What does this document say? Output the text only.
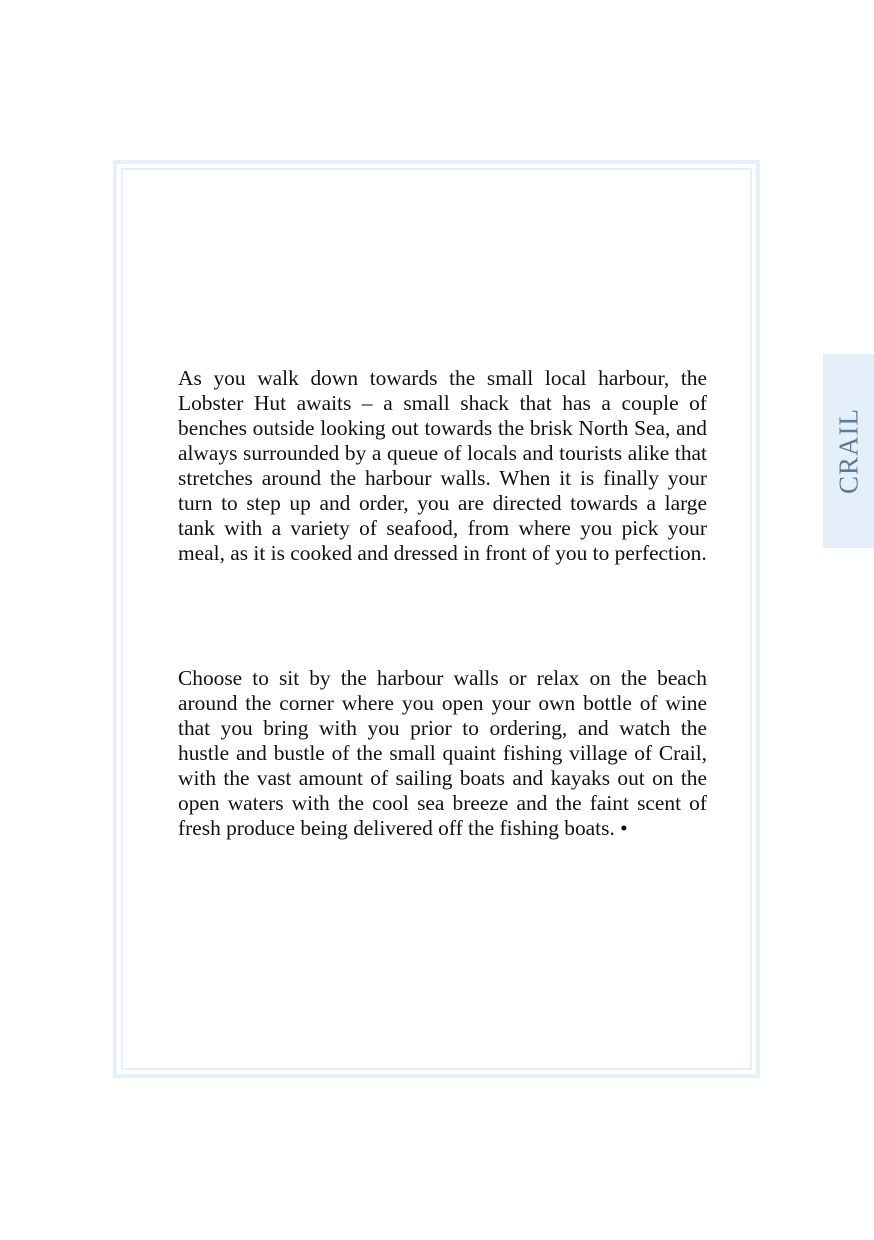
As you walk down towards the small local harbour, the Lobster Hut awaits – a small shack that has a couple of benches outside looking out towards the brisk North Sea, and always surrounded by a queue of locals and tourists alike that stretches around the harbour walls. When it is finally your turn to step up and order, you are directed towards a large tank with a variety of seafood, from where you pick your meal, as it is cooked and dressed in front of you to perfection.

Choose to sit by the harbour walls or relax on the beach around the corner where you open your own bottle of wine that you bring with you prior to ordering, and watch the hustle and bustle of the small quaint fishing village of Crail, with the vast amount of sailing boats and kayaks out on the open waters with the cool sea breeze and the faint scent of fresh produce being delivered off the fishing boats. •

CRAIL
